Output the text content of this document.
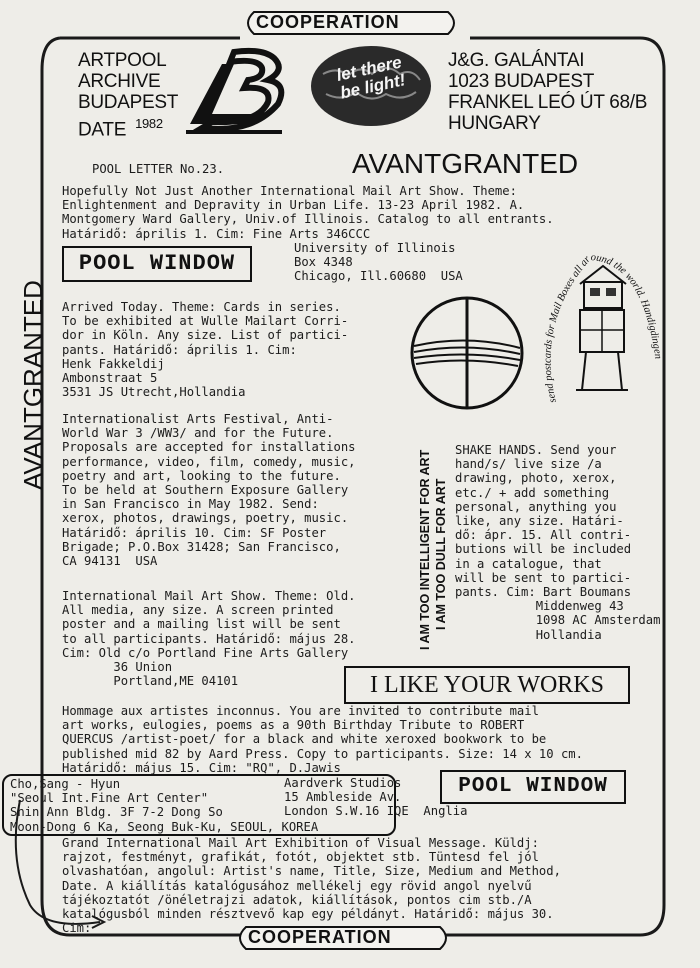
COOPERATION
ARTPOOL
ARCHIVE
BUDAPEST
DATE $^{1982}$
let there be light!
J&G. GALÁNTAI
1023 BUDAPEST
FRANKEL LEÓ ÚT 68/B
HUNGARY
AVANTGRANTED
POOL LETTER No.23.	AVANTGRANTED
Hopefully Not Just Another International Mail Art Show. Theme:
Enlightenment and Depravity in Urban Life. 13-23 April 1982. A.
Montgomery Ward Gallery, Univ.of Illinois. Catalog to all entrants.
Határidő: április 1. Cim: Fine Arts 346CCC
University of Illinois
Box 4348
Chicago, Ill.60680  USA
POOL WINDOW
Arrived Today. Theme: Cards in series.
To be exhibited at Wulle Mailart Corri-
dor in Köln. Any size. List of partici-
pants. Határidő: április 1. Cim:
Henk Fakkeldij
Ambonstraat 5
3531 JS Utrecht,Hollandia
send postcards for Mail Boxes all around the world. Handigdingen
Internationalist Arts Festival, Anti-
World War 3 /WW3/ and for the Future.
Proposals are accepted for installations
performance, video, film, comedy, music,
poetry and art, looking to the future.
To be held at Southern Exposure Gallery
in San Francisco in May 1982. Send:
xerox, photos, drawings, poetry, music.
Határidő: április 10. Cim: SF Poster
Brigade; P.O.Box 31428; San Francisco,
CA 94131  USA	I AM TOO INTELLIGENT FOR ART I AM TOO DULL FOR ART
SHAKE HANDS. Send your
hand/s/ live size /a
drawing, photo, xerox,
etc./ + add something
personal, anything you
like, any size. Határi-
dő: ápr. 15. All contri-
butions will be included
in a catalogue, that
will be sent to partici-
pants. Cim: Bart Boumans
Middenweg 43
1098 AC Amsterdam
Hollandia
International Mail Art Show. Theme: Old.
All media, any size. A screen printed
poster and a mailing list will be sent
to all participants. Határidő: május 28.
Cim: Old c/o Portland Fine Arts Gallery
36 Union
Portland,ME 04101	I LIKE YOUR WORKS
Hommage aux artistes inconnus. You are invited to contribute mail
art works, eulogies, poems as a 90th Birthday Tribute to ROBERT
QUERCUS /artist-poet/ for a black and white xeroxed bookwork to be
published mid 82 by Aard Press. Copy to participants. Size: 14 x 10 cm.
Határidő: május 15. Cim: "RQ", D.Jawis
Aardverk Studios
15 Ambleside Av.
London S.W.16 IQE  Anglia
POOL WINDOW
Cho,Sang - Hyun
"Seoul Int.Fine Art Center"
Shin Ann Bldg. 3F 7-2 Dong So
Moon-Dong 6 Ka, Seong Buk-Ku, SEOUL, KOREA
Grand International Mail Art Exhibition of Visual Message. Küldj:
rajzot, festményt, grafikát, fotót, objektet stb. Tüntesd fel jól
olvashatóan, angolul: Artist's name, Title, Size, Medium and Method,
Date. A kiállítás katalógusához mellékelj egy rövid angol nyelvű
tájékoztatót /önéletrajzi adatok, kiállítások, pontos cim stb./A
katalógusból minden résztvevő kap egy példányt. Határidő: május 30.
Cim:	COOPERATION
